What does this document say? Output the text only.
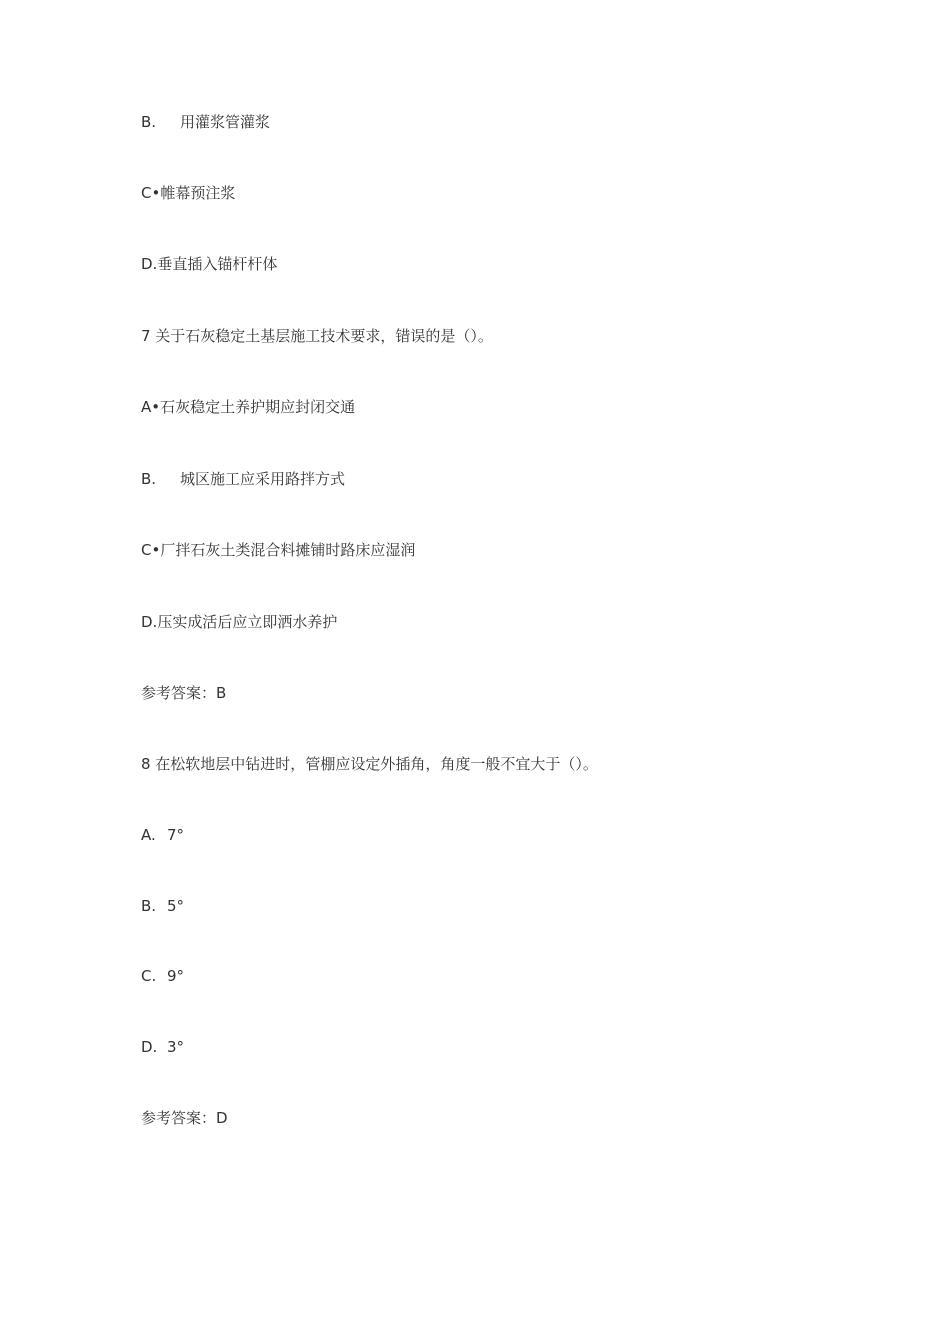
B. 用灌浆管灌浆
C•帷幕预注浆
D.垂直插入锚杆杆体
7 关于石灰稳定土基层施工技术要求，错误的是（）。
A•石灰稳定土养护期应封闭交通
B. 城区施工应采用路拌方式
C•厂拌石灰土类混合料摊铺时路床应湿润
D.压实成活后应立即洒水养护
参考答案：B
8 在松软地层中钻进时，管棚应设定外插角，角度一般不宜大于（）。
A. 7°
B. 5°
C. 9°
D. 3°
参考答案：D
